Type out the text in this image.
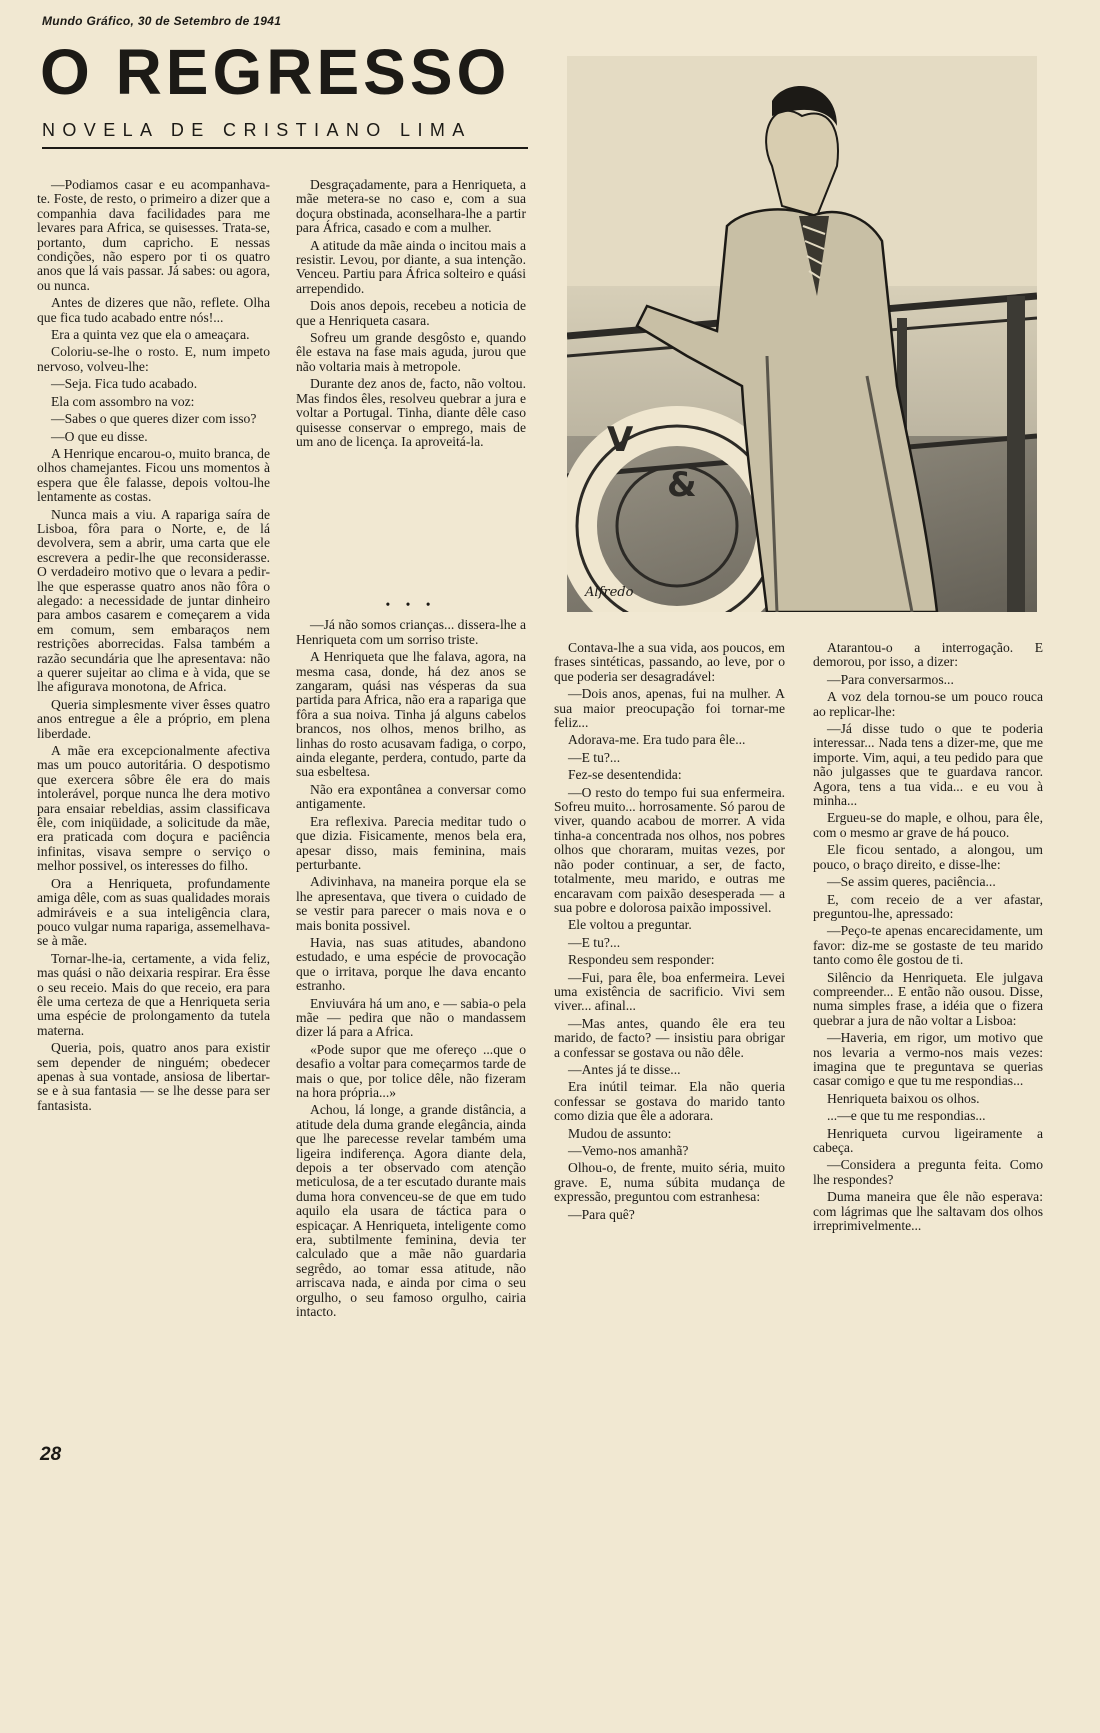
Mundo Gráfico, 30 de Setembro de 1941
O REGRESSO
NOVELA DE CRISTIANO LIMA
V
&
Alfredo

—Podiamos casar e eu acompanhava-te. Foste, de resto, o primeiro a dizer que a companhia dava facilidades para me levares para Africa, se quisesses. Trata-se, portanto, dum capricho. E nessas condições, não espero por ti os quatro anos que lá vais passar. Já sabes: ou agora, ou nunca.

Antes de dizeres que não, reflete. Olha que fica tudo acabado entre nós!...

Era a quinta vez que ela o ameaçara.

Coloriu-se-lhe o rosto. E, num impeto nervoso, volveu-lhe:

—Seja. Fica tudo acabado.

Ela com assombro na voz:

—Sabes o que queres dizer com isso?

—O que eu disse.

A Henrique encarou-o, muito branca, de olhos chamejantes. Ficou uns momentos à espera que êle falasse, depois voltou-lhe lentamente as costas.

Nunca mais a viu. A rapariga saíra de Lisboa, fôra para o Norte, e, de lá devolvera, sem a abrir, uma carta que ele escrevera a pedir-lhe que reconsiderasse. O verdadeiro motivo que o levara a pedir-lhe que esperasse quatro anos não fôra o alegado: a necessidade de juntar dinheiro para ambos casarem e começarem a vida em comum, sem embaraços nem restrições aborrecidas. Falsa também a razão secundária que lhe apresentava: não a querer sujeitar ao clima e à vida, que se lhe afigurava monotona, de Africa.

Queria simplesmente viver êsses quatro anos entregue a êle a próprio, em plena liberdade.

A mãe era excepcionalmente afectiva mas um pouco autoritária. O despotismo que exercera sôbre êle era do mais intolerável, porque nunca lhe dera motivo para ensaiar rebeldias, assim classificava êle, com iniqüidade, a solicitude da mãe, era praticada com doçura e paciência infinitas, visava sempre o serviço o melhor possivel, os interesses do filho.

Ora a Henriqueta, profundamente amiga dêle, com as suas qualidades morais admiráveis e a sua inteligência clara, pouco vulgar numa rapariga, assemelhava-se à mãe.

Tornar-lhe-ia, certamente, a vida feliz, mas quási o não deixaria respirar. Era êsse o seu receio. Mais do que receio, era para êle uma certeza de que a Henriqueta seria uma espécie de prolongamento da tutela materna.

Queria, pois, quatro anos para existir sem depender de ninguém; obedecer apenas à sua vontade, ansiosa de libertar-se e à sua fantasia — se lhe desse para ser fantasista.

Desgraçadamente, para a Henriqueta, a mãe metera-se no caso e, com a sua doçura obstinada, aconselhara-lhe a partir para África, casado e com a mulher.

A atitude da mãe ainda o incitou mais a resistir. Levou, por diante, a sua intenção. Venceu. Partiu para África solteiro e quási arrependido.

Dois anos depois, recebeu a noticia de que a Henriqueta casara.

Sofreu um grande desgôsto e, quando êle estava na fase mais aguda, jurou que não voltaria mais à metropole.

Durante dez anos de, facto, não voltou. Mas findos êles, resolveu quebrar a jura e voltar a Portugal. Tinha, diante dêle caso quisesse conservar o emprego, mais de um ano de licença. Ia aproveitá-la.

• • •

—Já não somos crianças... dissera-lhe a Henriqueta com um sorriso triste.

A Henriqueta que lhe falava, agora, na mesma casa, donde, há dez anos se zangaram, quási nas vésperas da sua partida para Africa, não era a rapariga que fôra a sua noiva. Tinha já alguns cabelos brancos, nos olhos, menos brilho, as linhas do rosto acusavam fadiga, o corpo, ainda elegante, perdera, contudo, parte da sua esbeltesa.

Não era expontânea a conversar como antigamente.

Era reflexiva. Parecia meditar tudo o que dizia. Fisicamente, menos bela era, apesar disso, mais feminina, mais perturbante.

Adivinhava, na maneira porque ela se lhe apresentava, que tivera o cuidado de se vestir para parecer o mais nova e o mais bonita possivel.

Havia, nas suas atitudes, abandono estudado, e uma espécie de provocação que o irritava, porque lhe dava encanto estranho.

Enviuvára há um ano, e — sabia-o pela mãe — pedira que não o mandassem dizer lá para a Africa.

«Pode supor que me ofereço ...que o desafio a voltar para começarmos tarde de mais o que, por tolice dêle, não fizeram na hora própria...»

Achou, lá longe, a grande distância, a atitude dela duma grande elegância, ainda que lhe parecesse revelar também uma ligeira indiferença. Agora diante dela, depois a ter observado com atenção meticulosa, de a ter escutado durante mais duma hora convenceu-se de que em tudo aquilo ela usara de táctica para o espicaçar. A Henriqueta, inteligente como era, subtilmente feminina, devia ter calculado que a mãe não guardaria segrêdo, ao tomar essa atitude, não arriscava nada, e ainda por cima o seu orgulho, o seu famoso orgulho, cairia intacto.

Contava-lhe a sua vida, aos poucos, em frases sintéticas, passando, ao leve, por o que poderia ser desagradável:

—Dois anos, apenas, fui na mulher. A sua maior preocupação foi tornar-me feliz...

Adorava-me. Era tudo para êle...

—E tu?...

Fez-se desentendida:

—O resto do tempo fui sua enfermeira. Sofreu muito... horrosamente. Só parou de viver, quando acabou de morrer. A vida tinha-a concentrada nos olhos, nos pobres olhos que choraram, muitas vezes, por não poder continuar, a ser, de facto, totalmente, meu marido, e outras me encaravam com paixão desesperada — a sua pobre e dolorosa paixão impossivel.

Ele voltou a preguntar.

—E tu?...

Respondeu sem responder:

—Fui, para êle, boa enfermeira. Levei uma existência de sacrificio. Vivi sem viver... afinal...

—Mas antes, quando êle era teu marido, de facto? — insistiu para obrigar a confessar se gostava ou não dêle.

—Antes já te disse...

Era inútil teimar. Ela não queria confessar se gostava do marido tanto como dizia que êle a adorara.

Mudou de assunto:

—Vemo-nos amanhã?

Olhou-o, de frente, muito séria, muito grave. E, numa súbita mudança de expressão, preguntou com estranhesa:

—Para quê?

Atarantou-o a interrogação. E demorou, por isso, a dizer:

—Para conversarmos...

A voz dela tornou-se um pouco rouca ao replicar-lhe:

—Já disse tudo o que te poderia interessar... Nada tens a dizer-me, que me importe. Vim, aqui, a teu pedido para que não julgasses que te guardava rancor. Agora, tens a tua vida... e eu vou à minha...

Ergueu-se do maple, e olhou, para êle, com o mesmo ar grave de há pouco.

Ele ficou sentado, a alongou, um pouco, o braço direito, e disse-lhe:

—Se assim queres, paciência...

E, com receio de a ver afastar, preguntou-lhe, apressado:

—Peço-te apenas encarecidamente, um favor: diz-me se gostaste de teu marido tanto como êle gostou de ti.

Silêncio da Henriqueta. Ele julgava compreender... E então não ousou. Disse, numa simples frase, a idéia que o fizera quebrar a jura de não voltar a Lisboa:

—Haveria, em rigor, um motivo que nos levaria a vermo-nos mais vezes: imagina que te preguntava se querias casar comigo e que tu me respondias...

Henriqueta baixou os olhos.

...—e que tu me respondias...

Henriqueta curvou ligeiramente a cabeça.

—Considera a pregunta feita. Como lhe respondes?

Duma maneira que êle não esperava: com lágrimas que lhe saltavam dos olhos irreprimivelmente...

28
